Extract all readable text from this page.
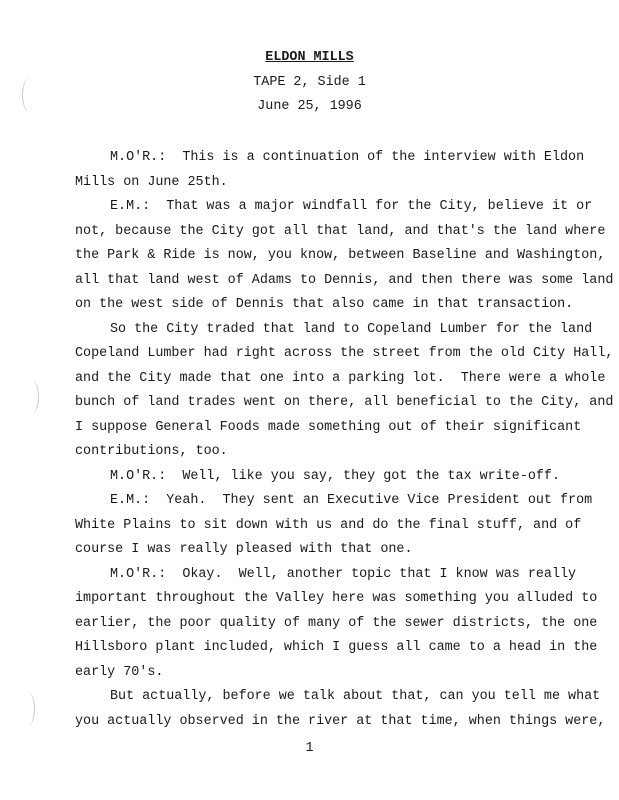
ELDON MILLS
TAPE 2, Side 1
June 25, 1996
M.O'R.:  This is a continuation of the interview with Eldon
Mills on June 25th.
E.M.:  That was a major windfall for the City, believe it or
not, because the City got all that land, and that's the land where
the Park & Ride is now, you know, between Baseline and Washington,
all that land west of Adams to Dennis, and then there was some land
on the west side of Dennis that also came in that transaction.
So the City traded that land to Copeland Lumber for the land
Copeland Lumber had right across the street from the old City Hall,
and the City made that one into a parking lot.  There were a whole
bunch of land trades went on there, all beneficial to the City, and
I suppose General Foods made something out of their significant
contributions, too.
M.O'R.:  Well, like you say, they got the tax write-off.
E.M.:  Yeah.  They sent an Executive Vice President out from
White Plains to sit down with us and do the final stuff, and of
course I was really pleased with that one.
M.O'R.:  Okay.  Well, another topic that I know was really
important throughout the Valley here was something you alluded to
earlier, the poor quality of many of the sewer districts, the one
Hillsboro plant included, which I guess all came to a head in the
early 70's.
But actually, before we talk about that, can you tell me what
you actually observed in the river at that time, when things were,
1
